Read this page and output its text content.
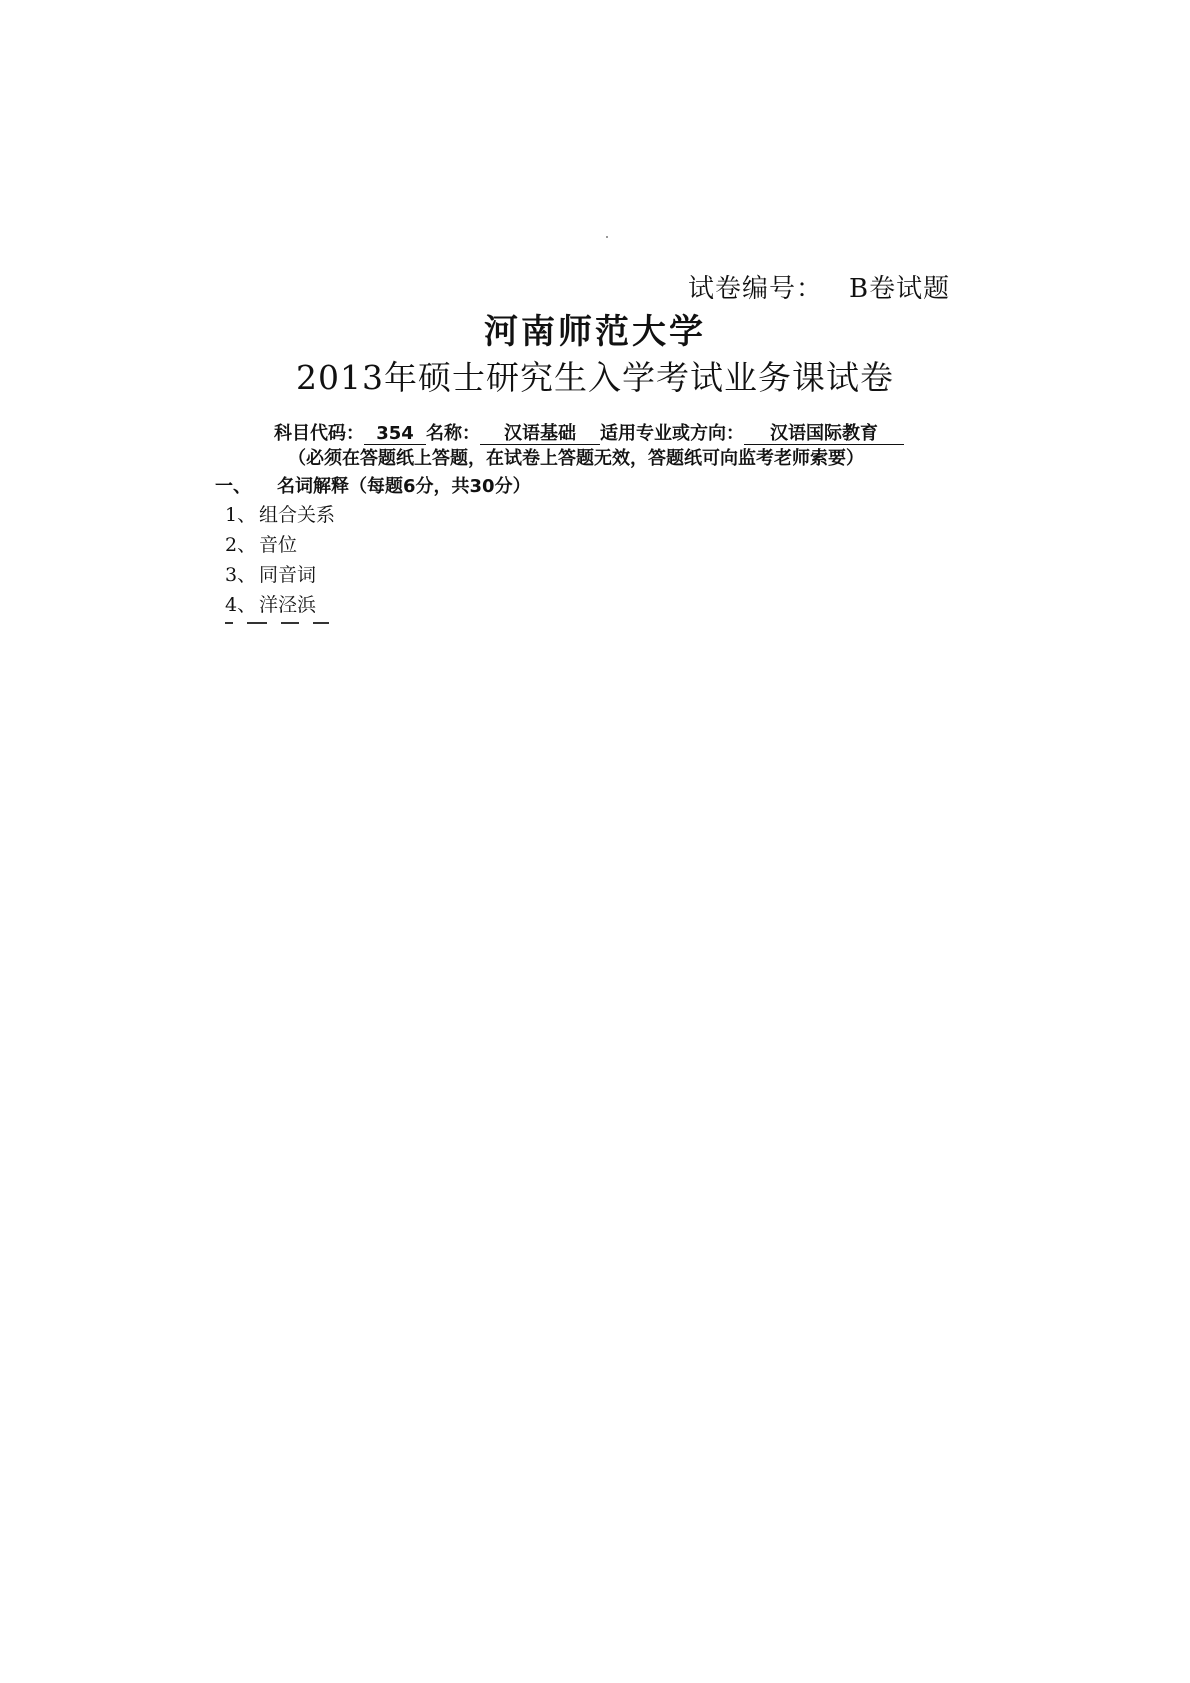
试卷编号： B卷试题
河南师范大学
2013年硕士研究生入学考试业务课试卷
科目代码： 354 名称： 汉语基础 适用专业或方向： 汉语国际教育
（必须在答题纸上答题，在试卷上答题无效，答题纸可向监考老师索要）
一、 名词解释（每题6分，共30分）
1、 组合关系
2、 音位
3、 同音词
4、 洋泾浜
